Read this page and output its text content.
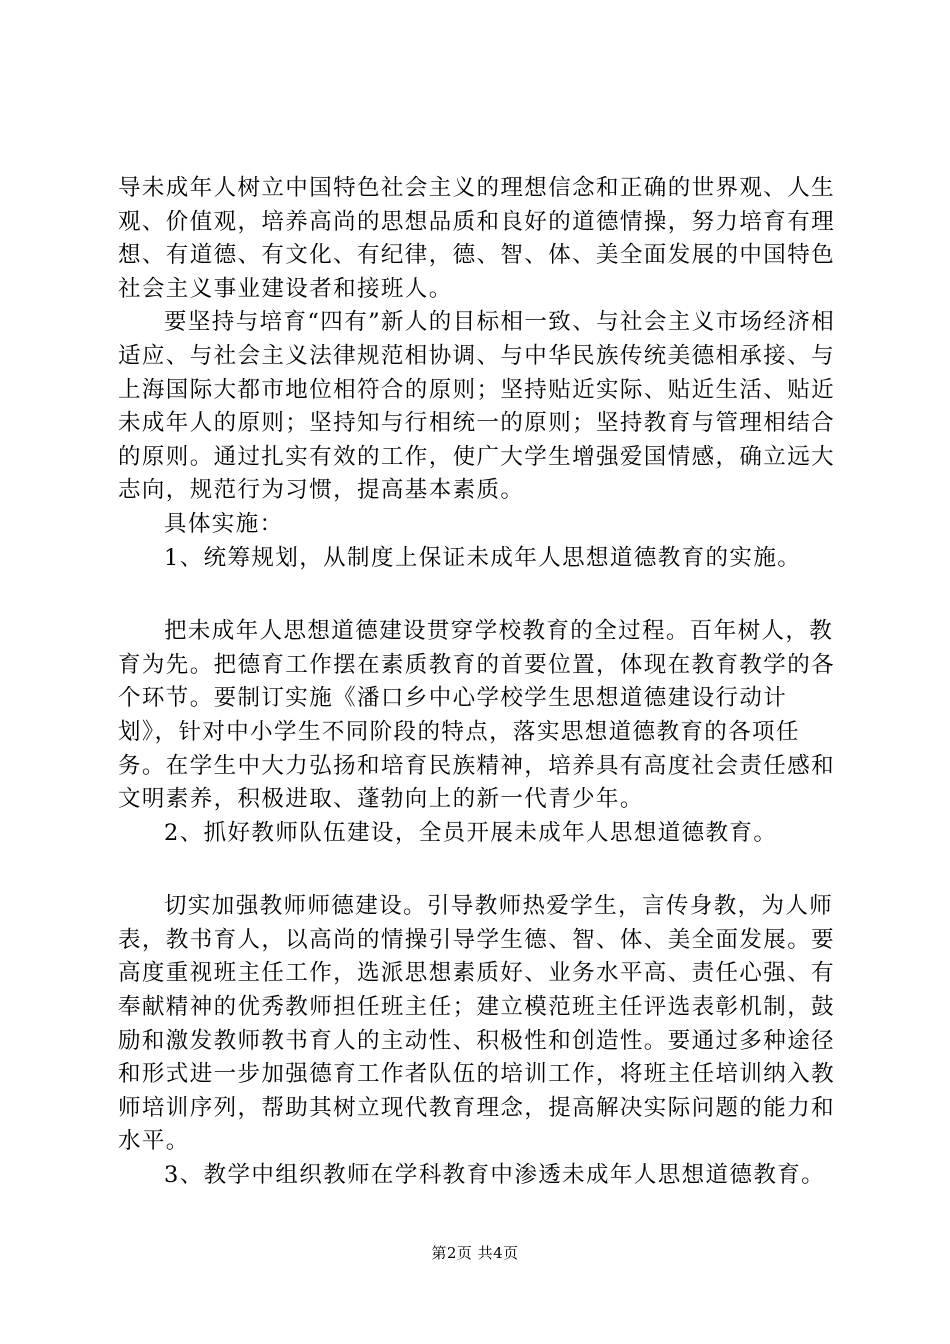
导未成年人树立中国特色社会主义的理想信念和正确的世界观、人生观、价值观，培养高尚的思想品质和良好的道德情操，努力培育有理想、有道德、有文化、有纪律，德、智、体、美全面发展的中国特色社会主义事业建设者和接班人。

要坚持与培育“四有”新人的目标相一致、与社会主义市场经济相适应、与社会主义法律规范相协调、与中华民族传统美德相承接、与上海国际大都市地位相符合的原则；坚持贴近实际、贴近生活、贴近未成年人的原则；坚持知与行相统一的原则；坚持教育与管理相结合的原则。通过扎实有效的工作，使广大学生增强爱国情感，确立远大志向，规范行为习惯，提高基本素质。

具体实施：

1、统筹规划，从制度上保证未成年人思想道德教育的实施。

把未成年人思想道德建设贯穿学校教育的全过程。百年树人，教育为先。把德育工作摆在素质教育的首要位置，体现在教育教学的各个环节。要制订实施《潘口乡中心学校学生思想道德建设行动计划》，针对中小学生不同阶段的特点，落实思想道德教育的各项任务。在学生中大力弘扬和培育民族精神，培养具有高度社会责任感和文明素养，积极进取、蓬勃向上的新一代青少年。

2、抓好教师队伍建设，全员开展未成年人思想道德教育。

切实加强教师师德建设。引导教师热爱学生，言传身教，为人师表，教书育人，以高尚的情操引导学生德、智、体、美全面发展。要高度重视班主任工作，选派思想素质好、业务水平高、责任心强、有奉献精神的优秀教师担任班主任；建立模范班主任评选表彰机制，鼓励和激发教师教书育人的主动性、积极性和创造性。要通过多种途径和形式进一步加强德育工作者队伍的培训工作，将班主任培训纳入教师培训序列，帮助其树立现代教育理念，提高解决实际问题的能力和水平。

3、教学中组织教师在学科教育中渗透未成年人思想道德教育。

第2页 共4页
